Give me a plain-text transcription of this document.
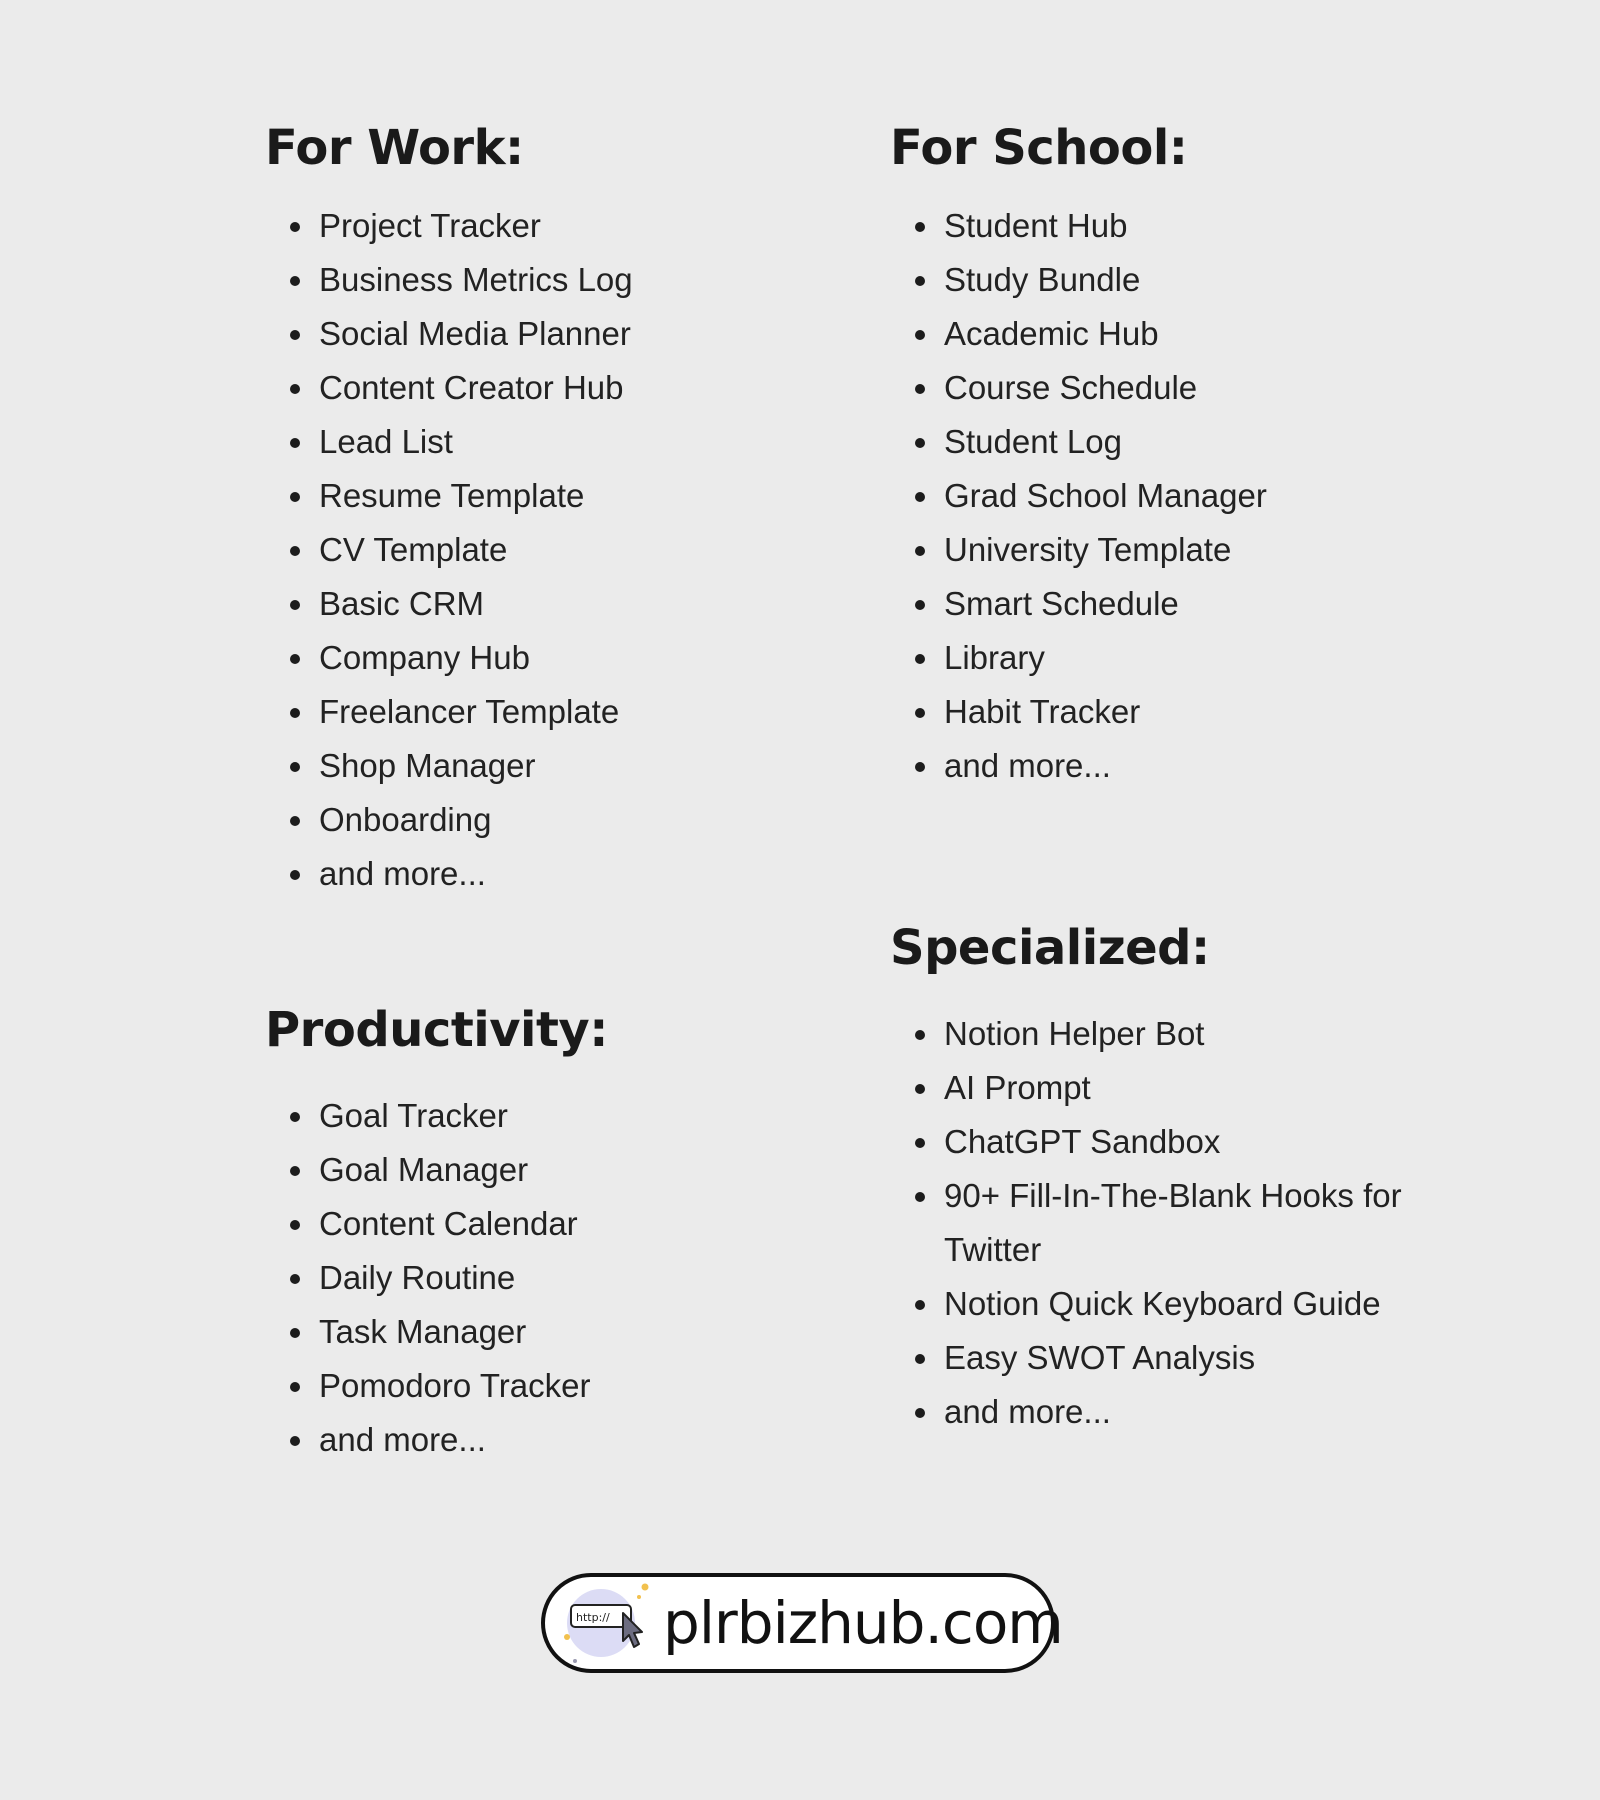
For Work:
Project Tracker
Business Metrics Log
Social Media Planner
Content Creator Hub
Lead List
Resume Template
CV Template
Basic CRM
Company Hub
Freelancer Template
Shop Manager
Onboarding
and more...
For School:
Student Hub
Study Bundle
Academic Hub
Course Schedule
Student Log
Grad School Manager
University Template
Smart Schedule
Library
Habit Tracker
and more...
Productivity:
Goal Tracker
Goal Manager
Content Calendar
Daily Routine
Task Manager
Pomodoro Tracker
and more...
Specialized:
Notion Helper Bot
AI Prompt
ChatGPT Sandbox
90+ Fill-In-The-Blank Hooks for Twitter
Notion Quick Keyboard Guide
Easy SWOT Analysis
and more...
http:// plrbizhub.com
